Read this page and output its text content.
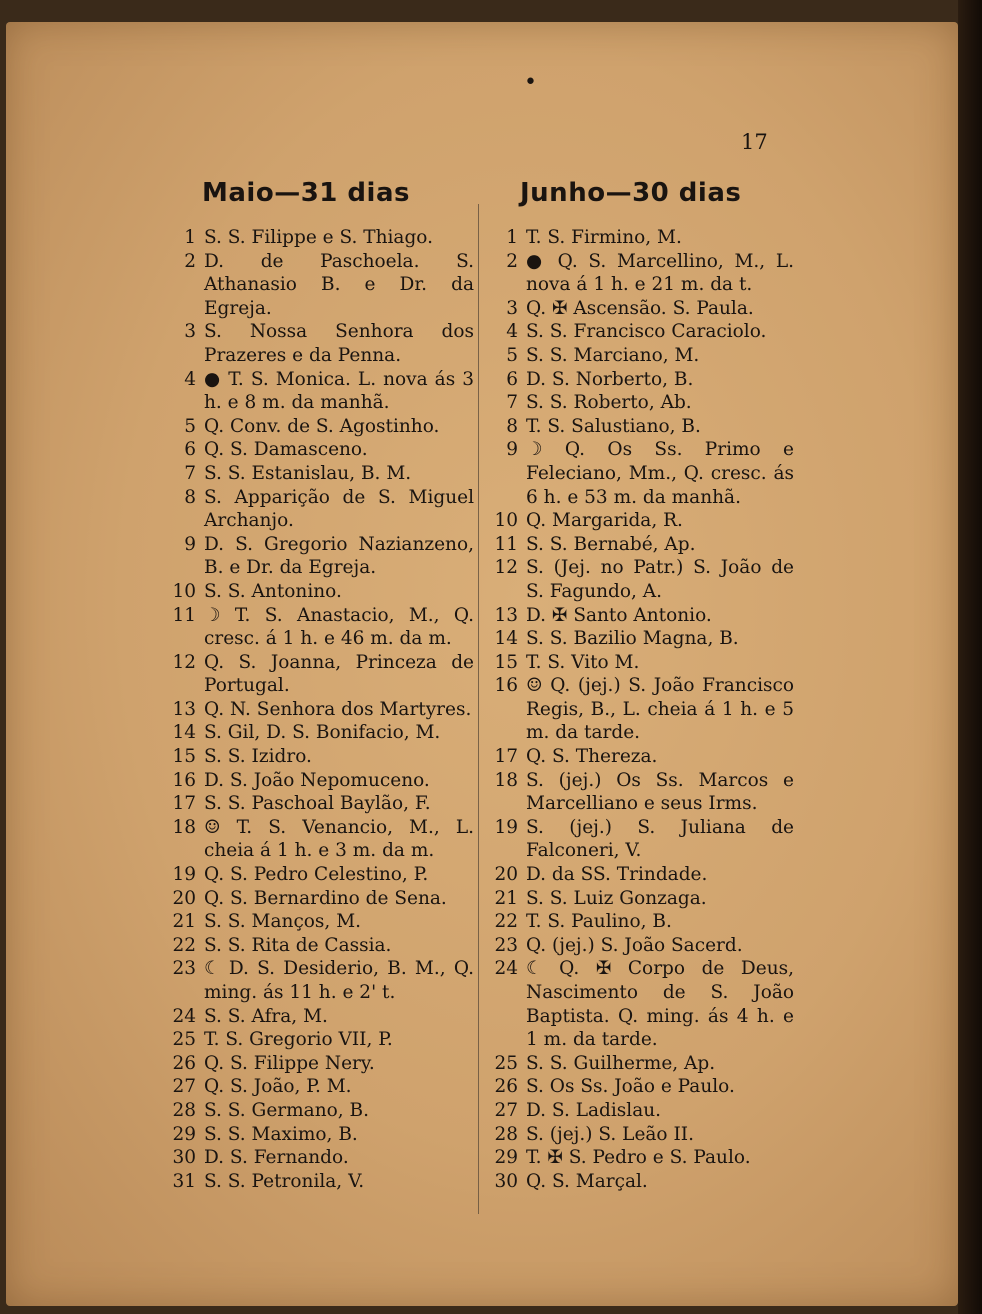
•
17
Maio—31 dias
1 S. S. Filippe e S. Thiago.
2 D. de Paschoela. S. Athanasio B. e Dr. da Egreja.
3 S. Nossa Senhora dos Prazeres e da Penna.
4 ● T. S. Monica. L. nova ás 3 h. e 8 m. da manhã.
5 Q. Conv. de S. Agostinho.
6 Q. S. Damasceno.
7 S. S. Estanislau, B. M.
8 S. Apparição de S. Miguel Archanjo.
9 D. S. Gregorio Nazianzeno, B. e Dr. da Egreja.
10 S. S. Antonino.
11 ☽ T. S. Anastacio, M., Q. cresc. á 1 h. e 46 m. da m.
12 Q. S. Joanna, Princeza de Portugal.
13 Q. N. Senhora dos Martyres.
14 S. Gil, D. S. Bonifacio, M.
15 S. S. Izidro.
16 D. S. João Nepomuceno.
17 S. S. Paschoal Baylão, F.
18 ☺ T. S. Venancio, M., L. cheia á 1 h. e 3 m. da m.
19 Q. S. Pedro Celestino, P.
20 Q. S. Bernardino de Sena.
21 S. S. Manços, M.
22 S. S. Rita de Cassia.
23 ☾ D. S. Desiderio, B. M., Q. ming. ás 11 h. e 2' t.
24 S. S. Afra, M.
25 T. S. Gregorio VII, P.
26 Q. S. Filippe Nery.
27 Q. S. João, P. M.
28 S. S. Germano, B.
29 S. S. Maximo, B.
30 D. S. Fernando.
31 S. S. Petronila, V.
Junho—30 dias
1 T. S. Firmino, M.
2 ● Q. S. Marcellino, M., L. nova á 1 h. e 21 m. da t.
3 Q. ✠ Ascensão. S. Paula.
4 S. S. Francisco Caraciolo.
5 S. S. Marciano, M.
6 D. S. Norberto, B.
7 S. S. Roberto, Ab.
8 T. S. Salustiano, B.
9 ☽ Q. Os Ss. Primo e Feleciano, Mm., Q. cresc. ás 6 h. e 53 m. da manhã.
10 Q. Margarida, R.
11 S. S. Bernabé, Ap.
12 S. (Jej. no Patr.) S. João de S. Fagundo, A.
13 D. ✠ Santo Antonio.
14 S. S. Bazilio Magna, B.
15 T. S. Vito M.
16 ☺ Q. (jej.) S. João Francisco Regis, B., L. cheia á 1 h. e 5 m. da tarde.
17 Q. S. Thereza.
18 S. (jej.) Os Ss. Marcos e Marcelliano e seus Irms.
19 S. (jej.) S. Juliana de Falconeri, V.
20 D. da SS. Trindade.
21 S. S. Luiz Gonzaga.
22 T. S. Paulino, B.
23 Q. (jej.) S. João Sacerd.
24 ☾ Q. ✠ Corpo de Deus, Nascimento de S. João Baptista. Q. ming. ás 4 h. e 1 m. da tarde.
25 S. S. Guilherme, Ap.
26 S. Os Ss. João e Paulo.
27 D. S. Ladislau.
28 S. (jej.) S. Leão II.
29 T. ✠ S. Pedro e S. Paulo.
30 Q. S. Marçal.
